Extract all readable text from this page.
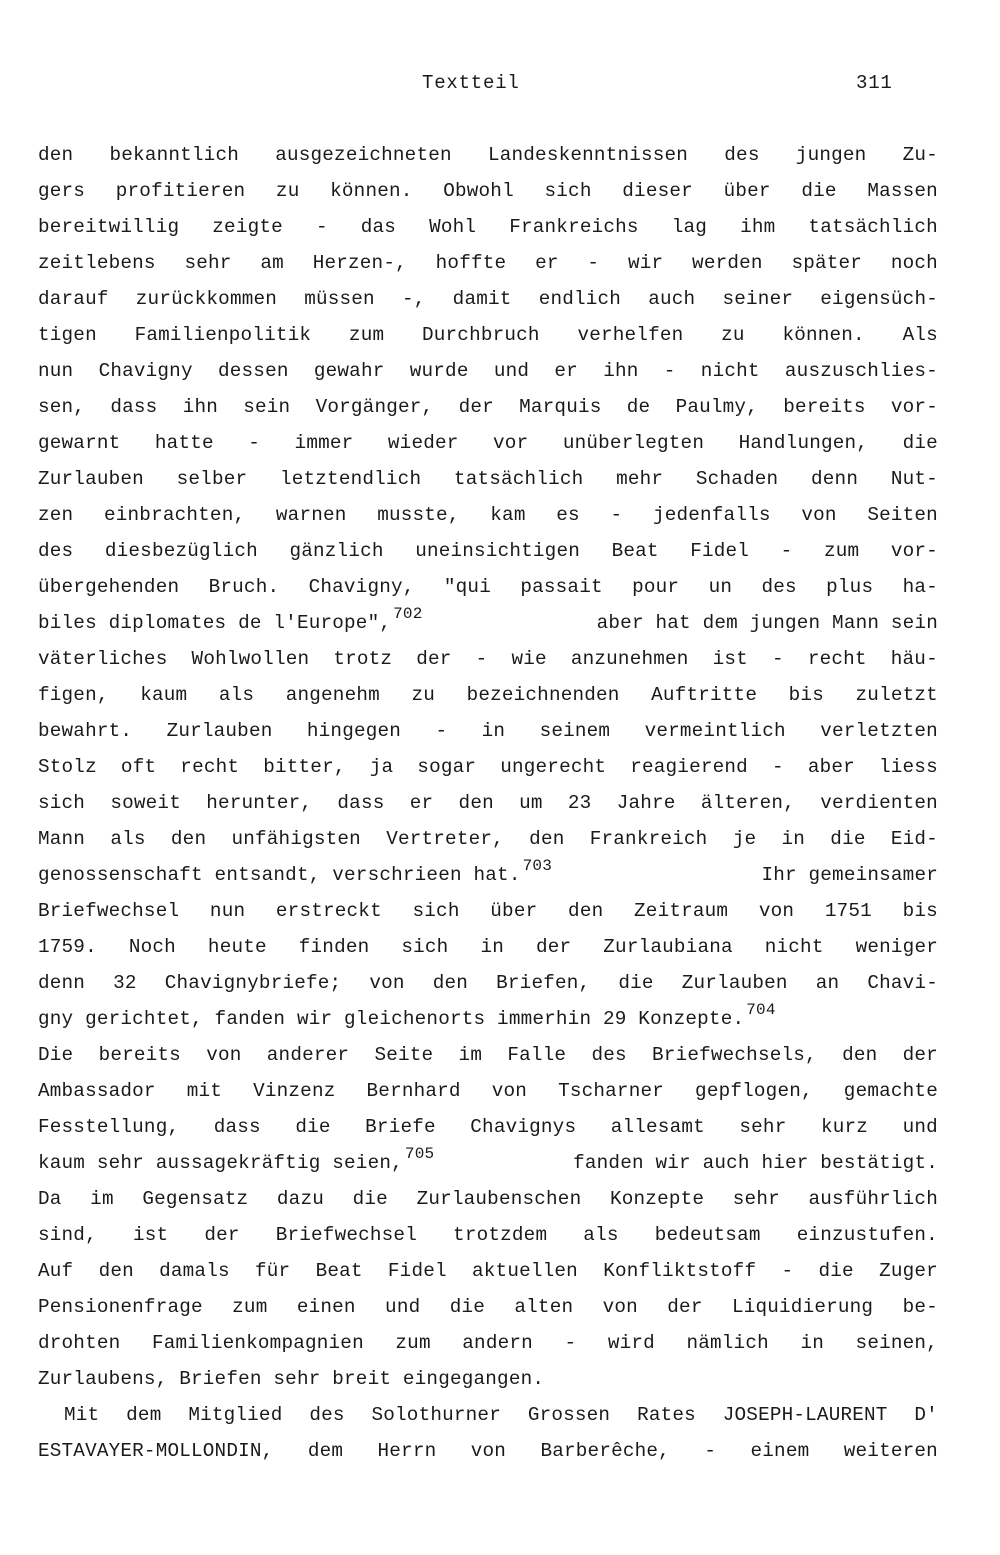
Textteil	311
den bekanntlich ausgezeichneten Landeskenntnissen des jungen Zu-
gers profitieren zu können. Obwohl sich dieser über die Massen
bereitwillig zeigte - das Wohl Frankreichs lag ihm tatsächlich
zeitlebens sehr am Herzen-, hoffte er - wir werden später noch
darauf zurückkommen müssen -, damit endlich auch seiner eigensüch-
tigen Familienpolitik zum Durchbruch verhelfen zu können. Als
nun Chavigny dessen gewahr wurde und er ihn - nicht auszuschlies-
sen, dass ihn sein Vorgänger, der Marquis de Paulmy, bereits vor-
gewarnt hatte - immer wieder vor unüberlegten Handlungen, die
Zurlauben selber letztendlich tatsächlich mehr Schaden denn Nut-
zen einbrachten, warnen musste, kam es - jedenfalls von Seiten
des diesbezüglich gänzlich uneinsichtigen Beat Fidel - zum vor-
übergehenden Bruch. Chavigny, "qui passait pour un des plus ha-
biles diplomates de l'Europe", $^{702}$	aber hat dem jungen Mann sein
väterliches Wohlwollen trotz der - wie anzunehmen ist - recht häu-
figen, kaum als angenehm zu bezeichnenden Auftritte bis zuletzt
bewahrt. Zurlauben hingegen - in seinem vermeintlich verletzten
Stolz oft recht bitter, ja sogar ungerecht reagierend - aber liess
sich soweit herunter, dass er den um 23 Jahre älteren, verdienten
Mann als den unfähigsten Vertreter, den Frankreich je in die Eid-
genossenschaft entsandt, verschrieen hat. $^{703}$	Ihr gemeinsamer
Briefwechsel nun erstreckt sich über den Zeitraum von 1751 bis
1759. Noch heute finden sich in der Zurlaubiana nicht weniger
denn 32 Chavignybriefe; von den Briefen, die Zurlauben an Chavi-
gny gerichtet, fanden wir gleichenorts immerhin 29 Konzepte. $^{704}$
Die bereits von anderer Seite im Falle des Briefwechsels, den der
Ambassador mit Vinzenz Bernhard von Tscharner gepflogen, gemachte
Fesstellung, dass die Briefe Chavignys allesamt sehr kurz und
kaum sehr aussagekräftig seien, $^{705}$	fanden wir auch hier bestätigt.
Da im Gegensatz dazu die Zurlaubenschen Konzepte sehr ausführlich
sind, ist der Briefwechsel trotzdem als bedeutsam einzustufen.
Auf den damals für Beat Fidel aktuellen Konfliktstoff - die Zuger
Pensionenfrage zum einen und die alten von der Liquidierung be-
drohten Familienkompagnien zum andern - wird nämlich in seinen,
Zurlaubens, Briefen sehr breit eingegangen.
Mit dem Mitglied des Solothurner Grossen Rates JOSEPH-LAURENT D'
ESTAVAYER-MOLLONDIN, dem Herrn von Barberêche, - einem weiteren
